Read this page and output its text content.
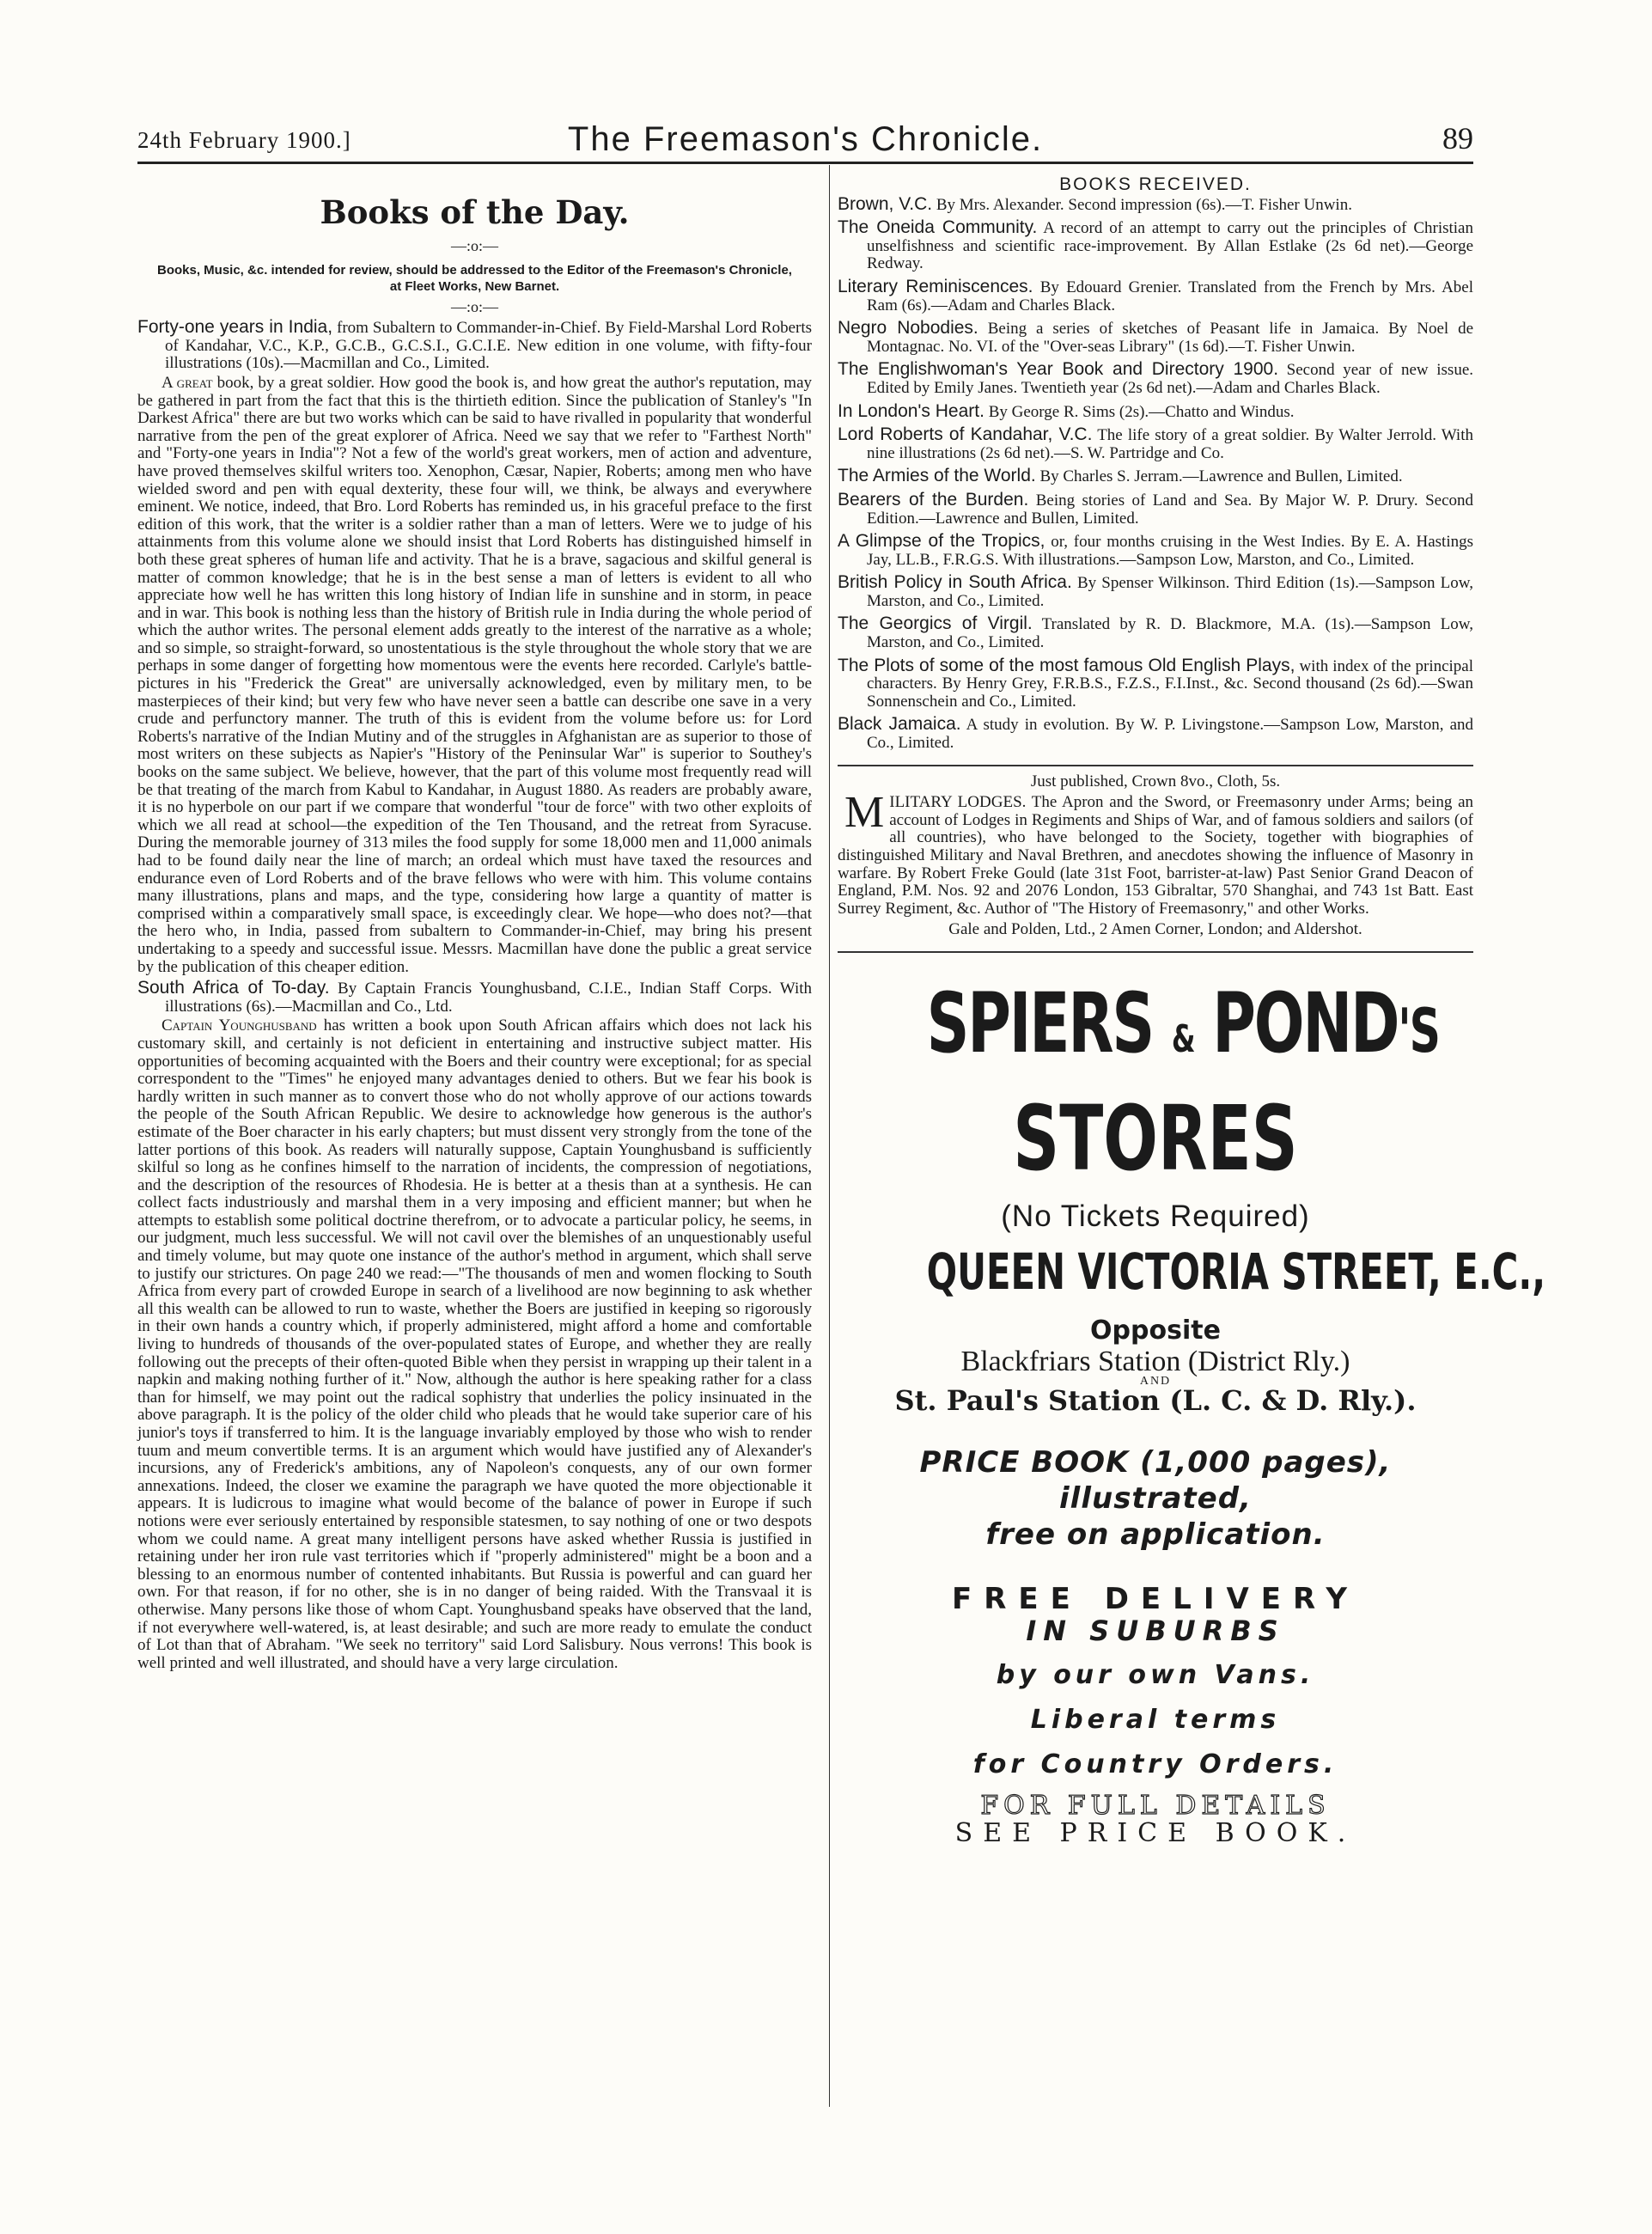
24th February 1900.]	The Freemason's Chronicle.	89
Books of the Day.
—:o:—
Books, Music, &c. intended for review, should be addressed to the Editor of the Freemason's Chronicle, at Fleet Works, New Barnet.
—:o:—
Forty-one years in India, from Subaltern to Commander-in-Chief. By Field-Marshal Lord Roberts of Kandahar, V.C., K.P., G.C.B., G.C.S.I., G.C.I.E. New edition in one volume, with fifty-four illustrations (10s).—Macmillan and Co., Limited.
A great book, by a great soldier. How good the book is, and how great the author's reputation, may be gathered in part from the fact that this is the thirtieth edition. Since the publication of Stanley's "In Darkest Africa" there are but two works which can be said to have rivalled in popularity that wonderful narrative from the pen of the great explorer of Africa. Need we say that we refer to "Farthest North" and "Forty-one years in India"? Not a few of the world's great workers, men of action and adventure, have proved themselves skilful writers too. Xenophon, Cæsar, Napier, Roberts; among men who have wielded sword and pen with equal dexterity, these four will, we think, be always and everywhere eminent. We notice, indeed, that Bro. Lord Roberts has reminded us, in his graceful preface to the first edition of this work, that the writer is a soldier rather than a man of letters. Were we to judge of his attainments from this volume alone we should insist that Lord Roberts has distinguished himself in both these great spheres of human life and activity. That he is a brave, sagacious and skilful general is matter of common knowledge; that he is in the best sense a man of letters is evident to all who appreciate how well he has written this long history of Indian life in sunshine and in storm, in peace and in war. This book is nothing less than the history of British rule in India during the whole period of which the author writes. The personal element adds greatly to the interest of the narrative as a whole; and so simple, so straight-forward, so unostentatious is the style throughout the whole story that we are perhaps in some danger of forgetting how momentous were the events here recorded. Carlyle's battle-pictures in his "Frederick the Great" are universally acknowledged, even by military men, to be masterpieces of their kind; but very few who have never seen a battle can describe one save in a very crude and perfunctory manner. The truth of this is evident from the volume before us: for Lord Roberts's narrative of the Indian Mutiny and of the struggles in Afghanistan are as superior to those of most writers on these subjects as Napier's "History of the Peninsular War" is superior to Southey's books on the same subject. We believe, however, that the part of this volume most frequently read will be that treating of the march from Kabul to Kandahar, in August 1880. As readers are probably aware, it is no hyperbole on our part if we compare that wonderful "tour de force" with two other exploits of which we all read at school—the expedition of the Ten Thousand, and the retreat from Syracuse. During the memorable journey of 313 miles the food supply for some 18,000 men and 11,000 animals had to be found daily near the line of march; an ordeal which must have taxed the resources and endurance even of Lord Roberts and of the brave fellows who were with him. This volume contains many illustrations, plans and maps, and the type, considering how large a quantity of matter is comprised within a comparatively small space, is exceedingly clear. We hope—who does not?—that the hero who, in India, passed from subaltern to Commander-in-Chief, may bring his present undertaking to a speedy and successful issue. Messrs. Macmillan have done the public a great service by the publication of this cheaper edition.
South Africa of To-day. By Captain Francis Younghusband, C.I.E., Indian Staff Corps. With illustrations (6s).—Macmillan and Co., Ltd.
Captain Younghusband has written a book upon South African affairs which does not lack his customary skill, and certainly is not deficient in entertaining and instructive subject matter. His opportunities of becoming acquainted with the Boers and their country were exceptional; for as special correspondent to the "Times" he enjoyed many advantages denied to others. But we fear his book is hardly written in such manner as to convert those who do not wholly approve of our actions towards the people of the South African Republic. We desire to acknowledge how generous is the author's estimate of the Boer character in his early chapters; but must dissent very strongly from the tone of the latter portions of this book. As readers will naturally suppose, Captain Younghusband is sufficiently skilful so long as he confines himself to the narration of incidents, the compression of negotiations, and the description of the resources of Rhodesia. He is better at a thesis than at a synthesis. He can collect facts industriously and marshal them in a very imposing and efficient manner; but when he attempts to establish some political doctrine therefrom, or to advocate a particular policy, he seems, in our judgment, much less successful. We will not cavil over the blemishes of an unquestionably useful and timely volume, but may quote one instance of the author's method in argument, which shall serve to justify our strictures. On page 240 we read:—"The thousands of men and women flocking to South Africa from every part of crowded Europe in search of a livelihood are now beginning to ask whether all this wealth can be allowed to run to waste, whether the Boers are justified in keeping so rigorously in their own hands a country which, if properly administered, might afford a home and comfortable living to hundreds of thousands of the over-populated states of Europe, and whether they are really following out the precepts of their often-quoted Bible when they persist in wrapping up their talent in a napkin and making nothing further of it." Now, although the author is here speaking rather for a class than for himself, we may point out the radical sophistry that underlies the policy insinuated in the above paragraph. It is the policy of the older child who pleads that he would take superior care of his junior's toys if transferred to him. It is the language invariably employed by those who wish to render tuum and meum convertible terms. It is an argument which would have justified any of Alexander's incursions, any of Frederick's ambitions, any of Napoleon's conquests, any of our own former annexations. Indeed, the closer we examine the paragraph we have quoted the more objectionable it appears. It is ludicrous to imagine what would become of the balance of power in Europe if such notions were ever seriously entertained by responsible statesmen, to say nothing of one or two despots whom we could name. A great many intelligent persons have asked whether Russia is justified in retaining under her iron rule vast territories which if "properly administered" might be a boon and a blessing to an enormous number of contented inhabitants. But Russia is powerful and can guard her own. For that reason, if for no other, she is in no danger of being raided. With the Transvaal it is otherwise. Many persons like those of whom Capt. Younghusband speaks have observed that the land, if not everywhere well-watered, is, at least desirable; and such are more ready to emulate the conduct of Lot than that of Abraham. "We seek no territory" said Lord Salisbury. Nous verrons! This book is well printed and well illustrated, and should have a very large circulation.
BOOKS RECEIVED.
Brown, V.C. By Mrs. Alexander. Second impression (6s).—T. Fisher Unwin.
The Oneida Community. A record of an attempt to carry out the principles of Christian unselfishness and scientific race-improvement. By Allan Estlake (2s 6d net).—George Redway.
Literary Reminiscences. By Edouard Grenier. Translated from the French by Mrs. Abel Ram (6s).—Adam and Charles Black.
Negro Nobodies. Being a series of sketches of Peasant life in Jamaica. By Noel de Montagnac. No. VI. of the "Over-seas Library" (1s 6d).—T. Fisher Unwin.
The Englishwoman's Year Book and Directory 1900. Second year of new issue. Edited by Emily Janes. Twentieth year (2s 6d net).—Adam and Charles Black.
In London's Heart. By George R. Sims (2s).—Chatto and Windus.
Lord Roberts of Kandahar, V.C. The life story of a great soldier. By Walter Jerrold. With nine illustrations (2s 6d net).—S. W. Partridge and Co.
The Armies of the World. By Charles S. Jerram.—Lawrence and Bullen, Limited.
Bearers of the Burden. Being stories of Land and Sea. By Major W. P. Drury. Second Edition.—Lawrence and Bullen, Limited.
A Glimpse of the Tropics, or, four months cruising in the West Indies. By E. A. Hastings Jay, LL.B., F.R.G.S. With illustrations.—Sampson Low, Marston, and Co., Limited.
British Policy in South Africa. By Spenser Wilkinson. Third Edition (1s).—Sampson Low, Marston, and Co., Limited.
The Georgics of Virgil. Translated by R. D. Blackmore, M.A. (1s).—Sampson Low, Marston, and Co., Limited.
The Plots of some of the most famous Old English Plays, with index of the principal characters. By Henry Grey, F.R.B.S., F.Z.S., F.I.Inst., &c. Second thousand (2s 6d).—Swan Sonnenschein and Co., Limited.
Black Jamaica. A study in evolution. By W. P. Livingstone.—Sampson Low, Marston, and Co., Limited.
Just published, Crown 8vo., Cloth, 5s.
M ILITARY LODGES. The Apron and the Sword, or Freemasonry under Arms; being an account of Lodges in Regiments and Ships of War, and of famous soldiers and sailors (of all countries), who have belonged to the Society, together with biographies of distinguished Military and Naval Brethren, and anecdotes showing the influence of Masonry in warfare. By Robert Freke Gould (late 31st Foot, barrister-at-law) Past Senior Grand Deacon of England, P.M. Nos. 92 and 2076 London, 153 Gibraltar, 570 Shanghai, and 743 1st Batt. East Surrey Regiment, &c. Author of "The History of Freemasonry," and other Works.
Gale and Polden, Ltd., 2 Amen Corner, London; and Aldershot.
SPIERS & POND'S
STORES
(No Tickets Required)
QUEEN VICTORIA STREET, E.C.,
Opposite
Blackfriars Station (District Rly.)
AND
St. Paul's Station (L. C. & D. Rly.).
PRICE BOOK (1,000 pages),
illustrated,
free on application.
FREE DELIVERY
IN SUBURBS
by our own Vans.
Liberal terms
for Country Orders.
FOR FULL DETAILS
SEE PRICE BOOK.
